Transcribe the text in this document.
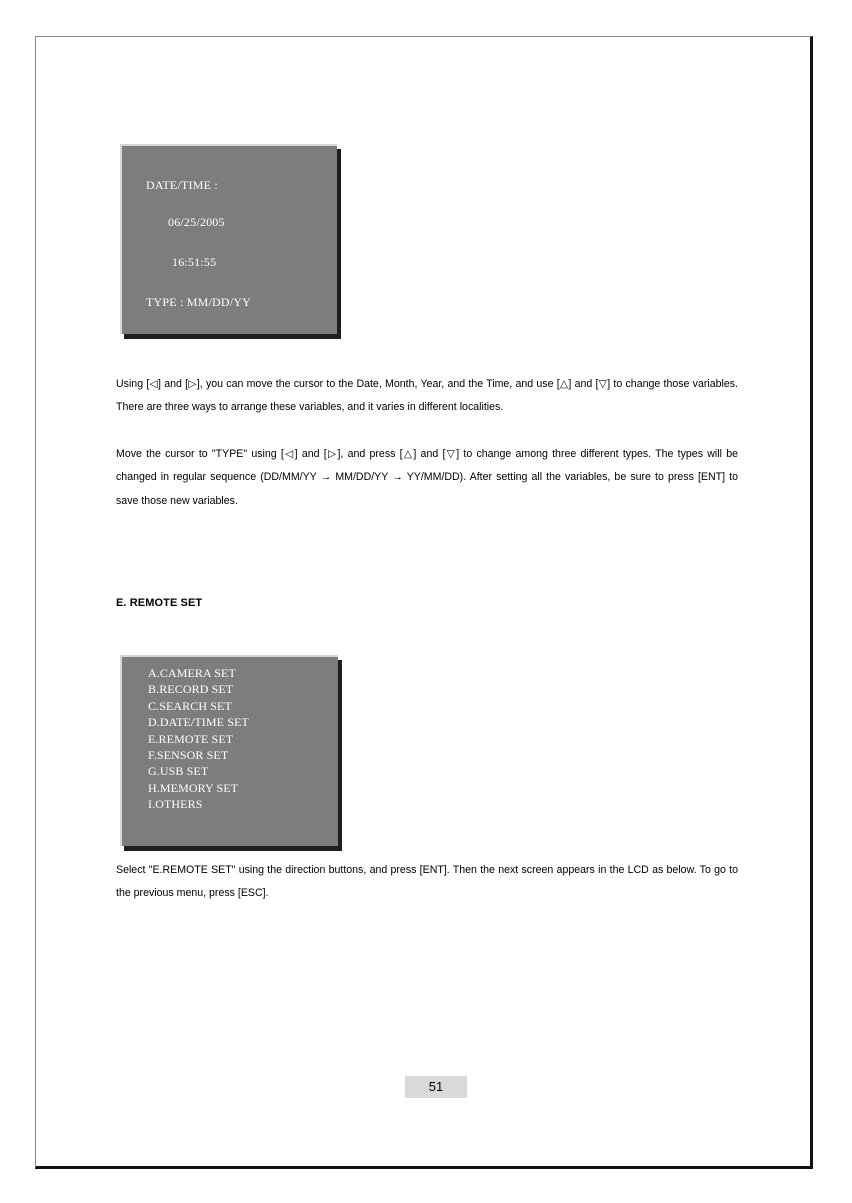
DATE/TIME :
06/25/2005
16:51:55
TYPE : MM/DD/YY

Using [◁] and [▷], you can move the cursor to the Date, Month, Year, and the Time, and use [△] and [▽] to change those variables. There are three ways to arrange these variables, and it varies in different localities.

Move the cursor to "TYPE" using [◁] and [▷], and press [△] and [▽] to change among three different types. The types will be changed in regular sequence (DD/MM/YY → MM/DD/YY → YY/MM/DD). After setting all the variables, be sure to press [ENT] to save those new variables.

E. REMOTE SET
A.CAMERA SET
B.RECORD SET
C.SEARCH SET
D.DATE/TIME SET
E.REMOTE SET
F.SENSOR SET
G.USB SET
H.MEMORY SET
I.OTHERS

Select "E.REMOTE SET" using the direction buttons, and press [ENT]. Then the next screen appears in the LCD as below. To go to the previous menu, press [ESC].

51
